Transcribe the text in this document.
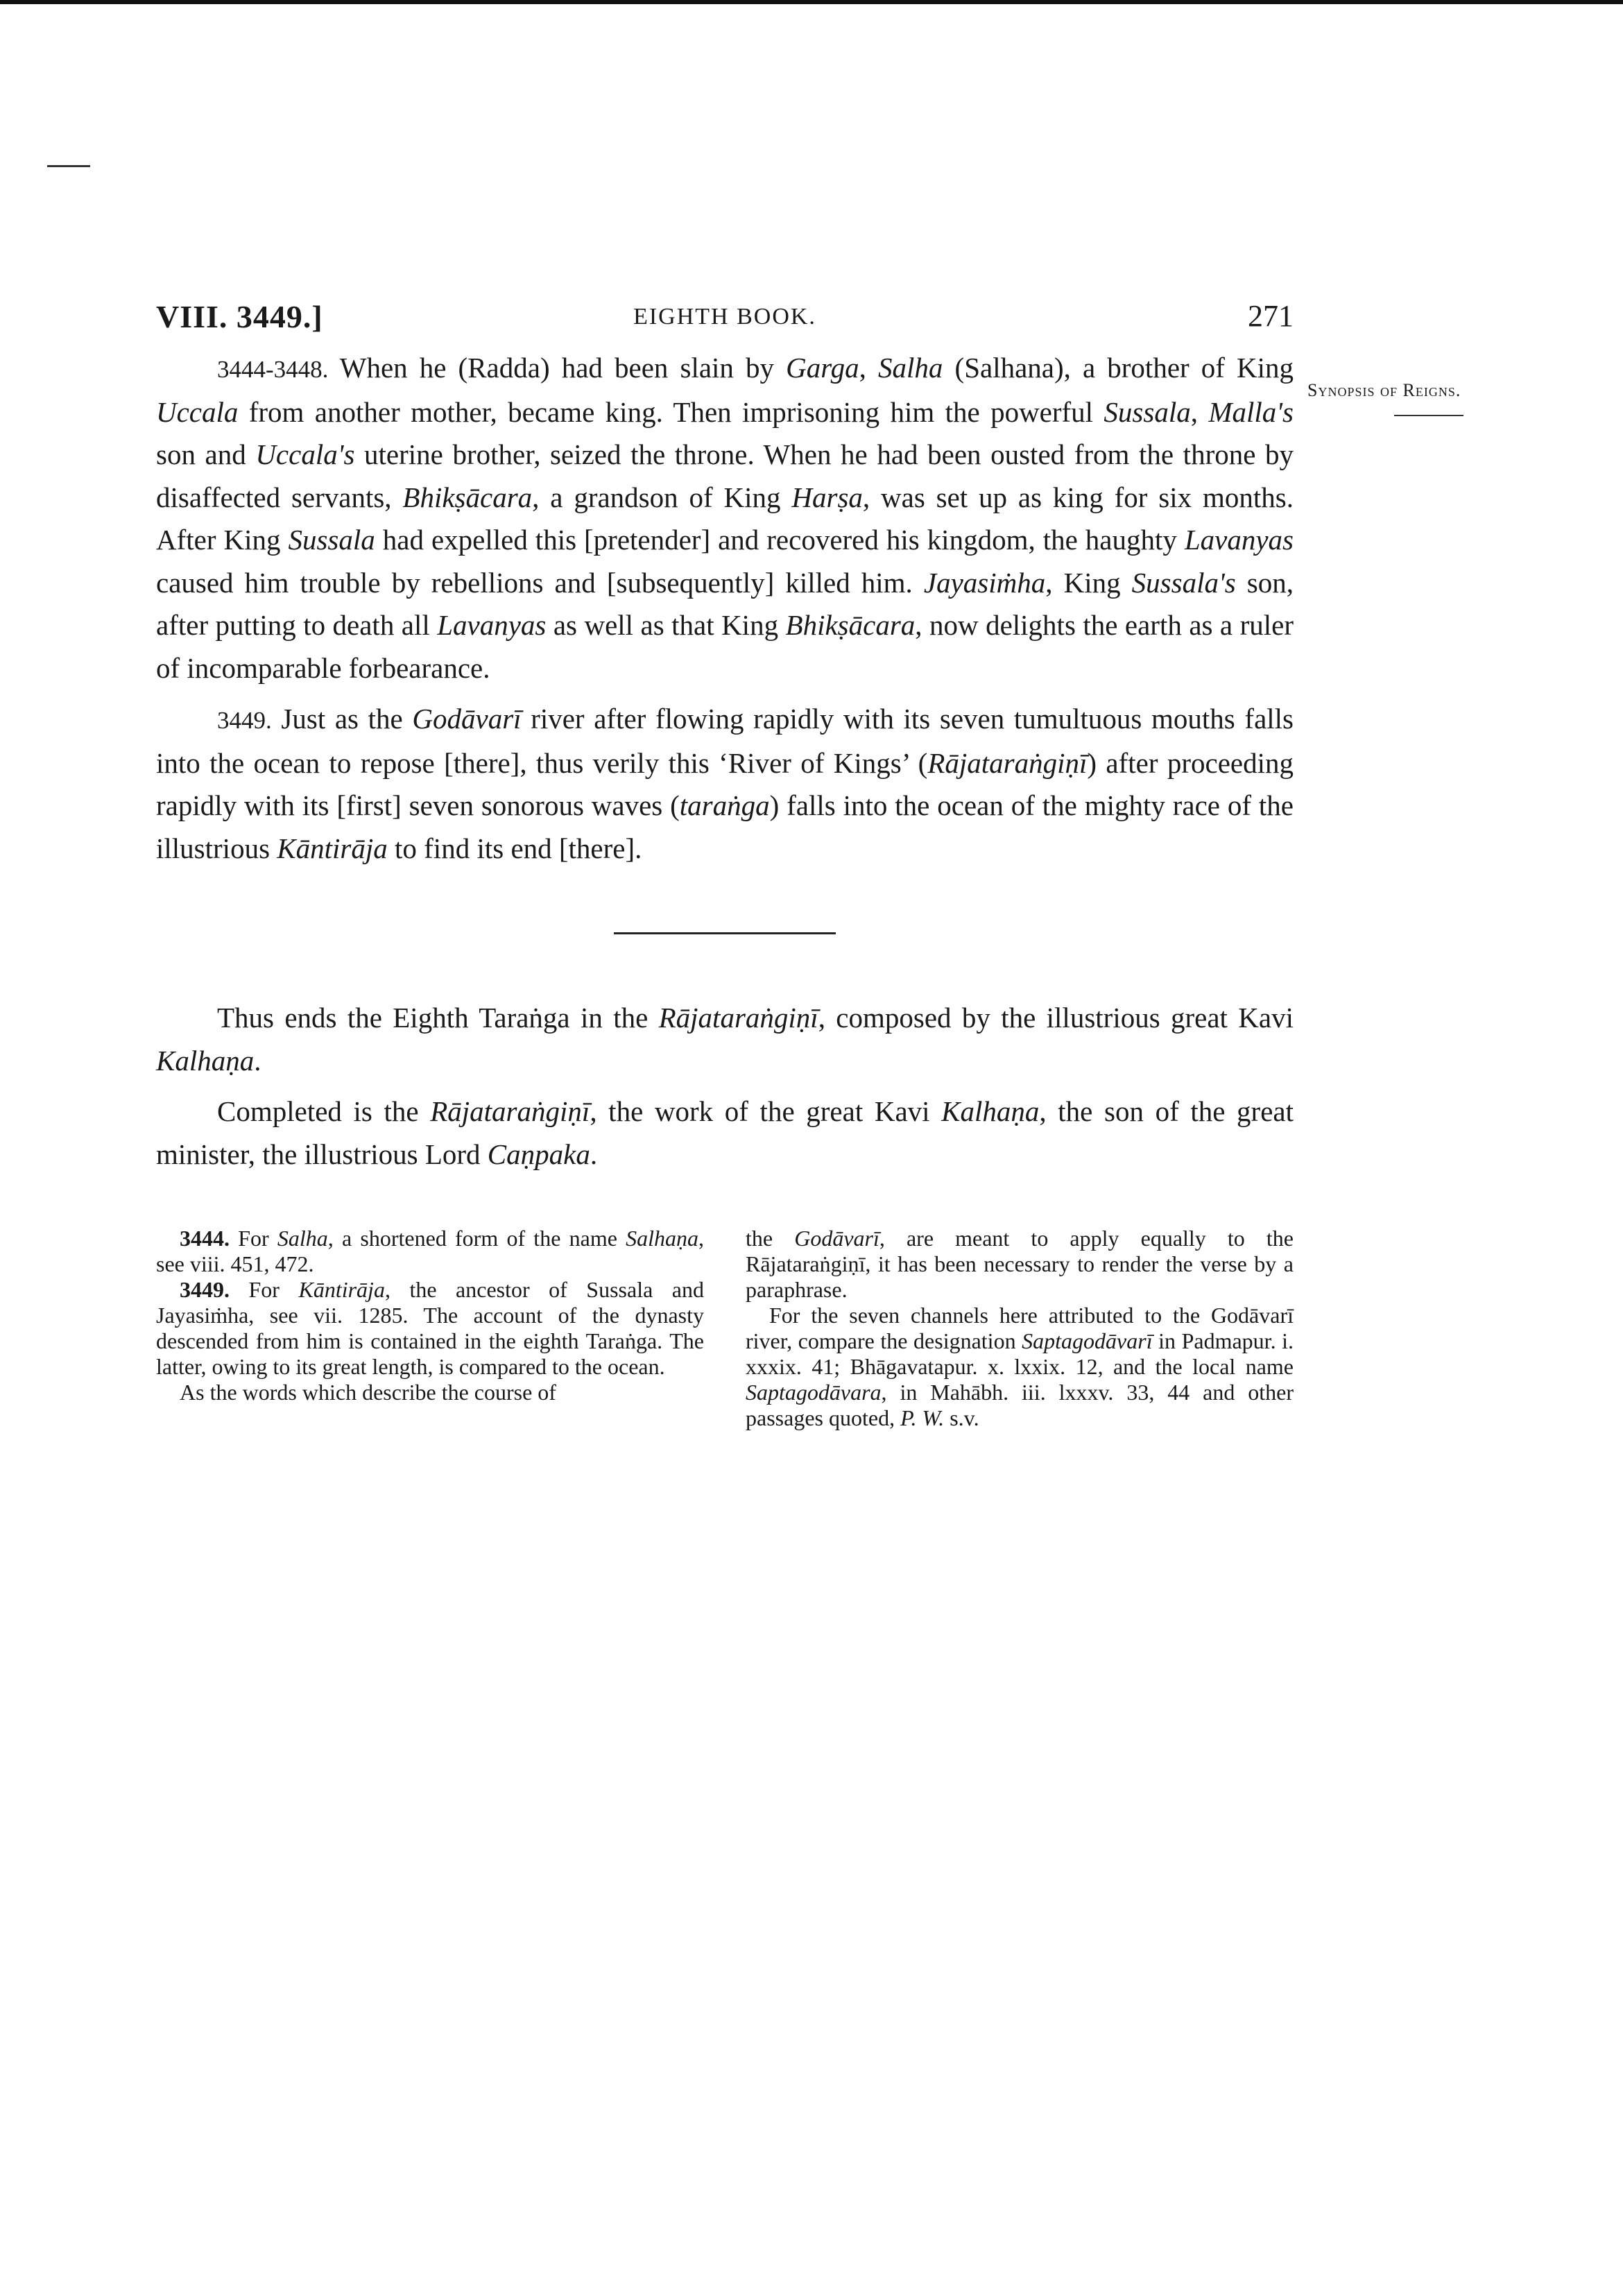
Synopsis of Reigns.
VIII. 3449.]	EIGHTH BOOK.	271

3444-3448. When he (Radda) had been slain by Garga, Salha (Salhana), a brother of King Uccala from another mother, became king. Then imprisoning him the powerful Sussala, Malla's son and Uccala's uterine brother, seized the throne. When he had been ousted from the throne by disaffected servants, Bhikṣācara, a grandson of King Harṣa, was set up as king for six months. After King Sussala had expelled this [pretender] and recovered his kingdom, the haughty Lavanyas caused him trouble by rebellions and [subsequently] killed him. Jayasiṁha, King Sussala's son, after putting to death all Lavanyas as well as that King Bhikṣācara, now delights the earth as a ruler of incomparable forbearance.

3449. Just as the Godāvarī river after flowing rapidly with its seven tumultuous mouths falls into the ocean to repose [there], thus verily this ‘River of Kings’ (Rājataraṅgiṇī) after proceeding rapidly with its [first] seven sonorous waves (taraṅga) falls into the ocean of the mighty race of the illustrious Kāntirāja to find its end [there].

Thus ends the Eighth Taraṅga in the Rājataraṅgiṇī, composed by the illustrious great Kavi Kalhaṇa.

Completed is the Rājataraṅgiṇī, the work of the great Kavi Kalhaṇa, the son of the great minister, the illustrious Lord Caṇpaka.

3444. For Salha, a shortened form of the name Salhaṇa, see viii. 451, 472.

3449. For Kāntirāja, the ancestor of Sussala and Jayasiṁha, see vii. 1285. The account of the dynasty descended from him is contained in the eighth Taraṅga. The latter, owing to its great length, is compared to the ocean.

As the words which describe the course of

the Godāvarī, are meant to apply equally to the Rājataraṅgiṇī, it has been necessary to render the verse by a paraphrase.

For the seven channels here attributed to the Godāvarī river, compare the designation Saptagodāvarī in Padmapur. i. xxxix. 41; Bhāgavatapur. x. lxxix. 12, and the local name Saptagodāvara, in Mahābh. iii. lxxxv. 33, 44 and other passages quoted, P. W. s.v.
